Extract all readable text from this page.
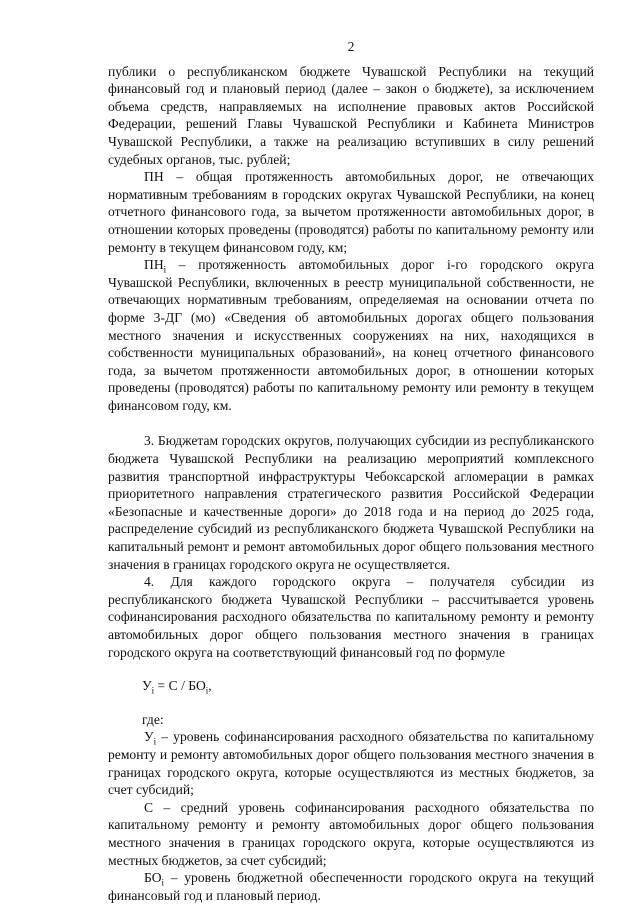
2

публики о республиканском бюджете Чувашской Республики на текущий финансовый год и плановый период (далее – закон о бюджете), за исключением объема средств, направляемых на исполнение правовых актов Российской Федерации, решений Главы Чувашской Республики и Кабинета Министров Чувашской Республики, а также на реализацию вступивших в силу решений судебных органов, тыс. рублей;

ПН – общая протяженность автомобильных дорог, не отвечающих нормативным требованиям в городских округах Чувашской Республики, на конец отчетного финансового года, за вычетом протяженности автомобильных дорог, в отношении которых проведены (проводятся) работы по капитальному ремонту или ремонту в текущем финансовом году, км;

$ПН_i$ – протяженность автомобильных дорог i-го городского округа Чувашской Республики, включенных в реестр муниципальной собственности, не отвечающих нормативным требованиям, определяемая на основании отчета по форме 3-ДГ (мо) «Сведения об автомобильных дорогах общего пользования местного значения и искусственных сооружениях на них, находящихся в собственности муниципальных образований», на конец отчетного финансового года, за вычетом протяженности автомобильных дорог, в отношении которых проведены (проводятся) работы по капитальному ремонту или ремонту в текущем финансовом году, км.

3. Бюджетам городских округов, получающих субсидии из республиканского бюджета Чувашской Республики на реализацию мероприятий комплексного развития транспортной инфраструктуры Чебоксарской агломерации в рамках приоритетного направления стратегического развития Российской Федерации «Безопасные и качественные дороги» до 2018 года и на период до 2025 года, распределение субсидий из республиканского бюджета Чувашской Республики на капитальный ремонт и ремонт автомобильных дорог общего пользования местного значения в границах городского округа не осуществляется.

4. Для каждого городского округа – получателя субсидии из республиканского бюджета Чувашской Республики – рассчитывается уровень софинансирования расходного обязательства по капитальному ремонту и ремонту автомобильных дорог общего пользования местного значения в границах городского округа на соответствующий финансовый год по формуле

$У_i = С / БО_i$,
где:

$У_i$ – уровень софинансирования расходного обязательства по капитальному ремонту и ремонту автомобильных дорог общего пользования местного значения в границах городского округа, которые осуществляются из местных бюджетов, за счет субсидий;

С – средний уровень софинансирования расходного обязательства по капитальному ремонту и ремонту автомобильных дорог общего пользования местного значения в границах городского округа, которые осуществляются из местных бюджетов, за счет субсидий;

$БО_i$ – уровень бюджетной обеспеченности городского округа на текущий финансовый год и плановый период.
